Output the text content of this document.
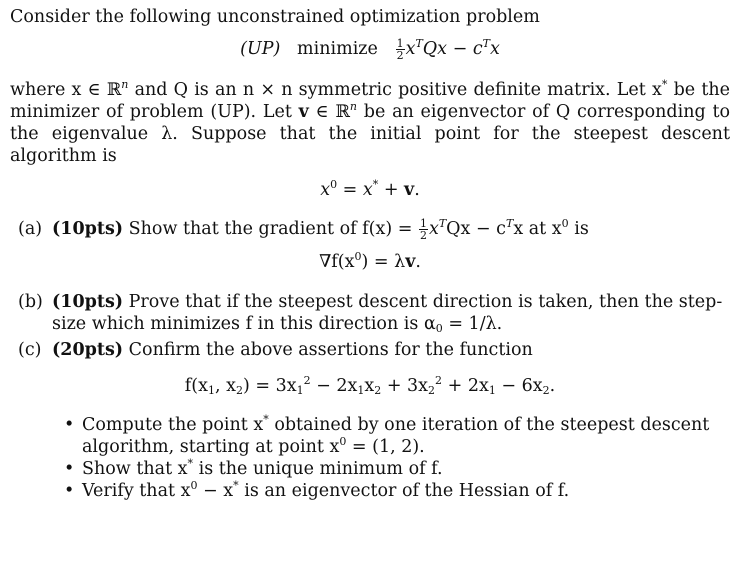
Consider the following unconstrained optimization problem

(UP) minimize $\frac{1}{2} x^TQx - c^Tx$

where x ∈ ℝ$^n$ and Q is an n × n symmetric positive definite matrix. Let x* be the minimizer of problem (UP). Let v ∈ ℝ$^n$ be an eigenvector of Q corresponding to the eigenvalue λ. Suppose that the initial point for the steepest descent algorithm is

$x^0 = x^* + v$.

(a) (10pts) Show that the gradient of $f(x) = \frac{1}{2} x^TQx - c^Tx$ at $x^0$ is

$\nabla f(x^0) = \lambda v$.

(b) (10pts) Prove that if the steepest descent direction is taken, then the step-size which minimizes f in this direction is $\alpha_0 = 1/\lambda$.

(c) (20pts) Confirm the above assertions for the function

$f(x_1$, $x_2) = 3x_1^2 - 2x_1x_2 + 3x_2^2 + 2x_1 - 6x_2$.

• Compute the point x* obtained by one iteration of the steepest descent algorithm, starting at point $x^0 = (1$, 2).

• Show that x* is the unique minimum of f.

• Verify that $x^0 - x^*$ is an eigenvector of the Hessian of f.
